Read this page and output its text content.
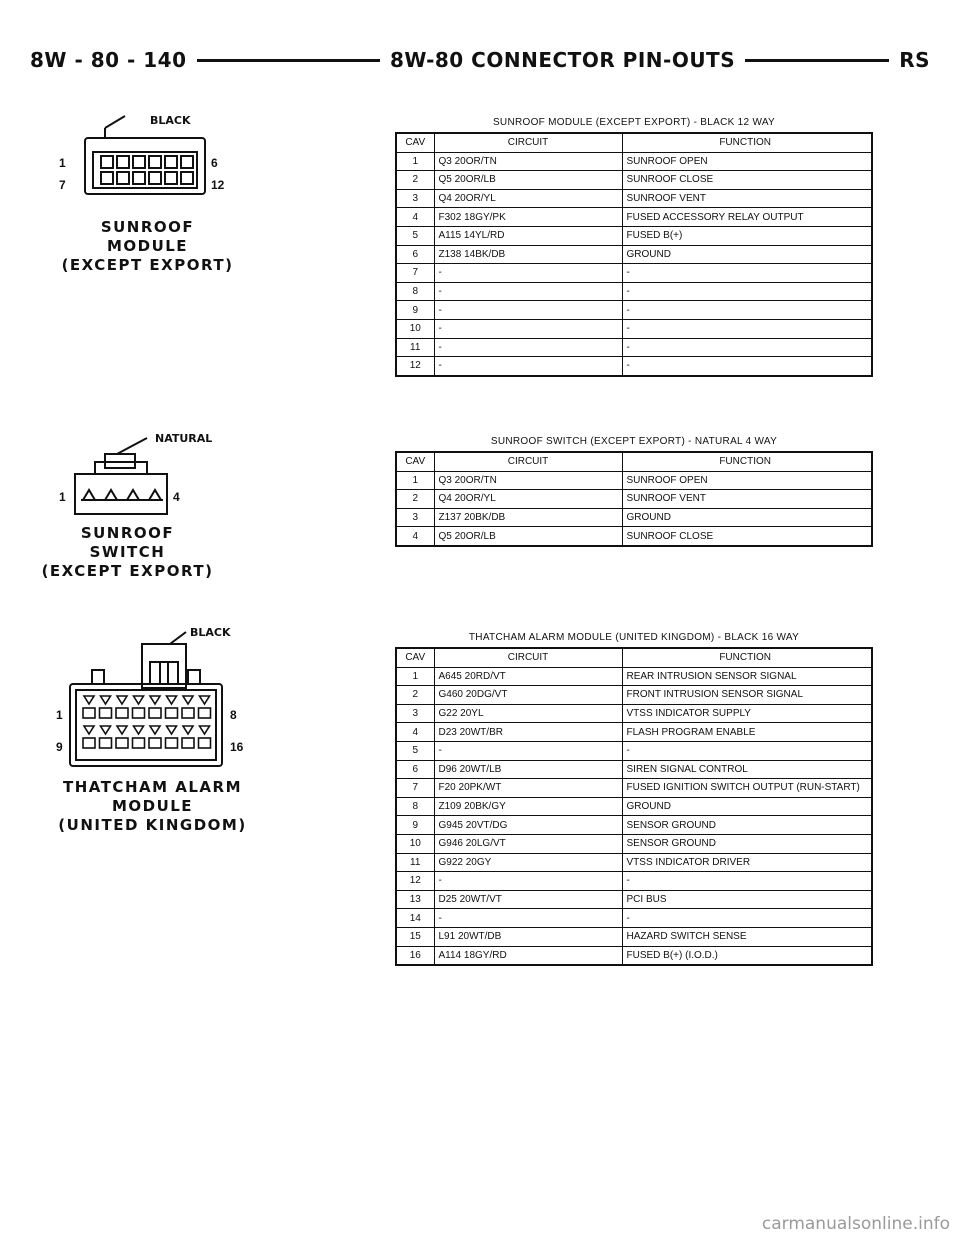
8W - 80 - 140	8W-80 CONNECTOR PIN-OUTS	RS
BLACK
1	6
7	12
SUNROOF
MODULE
(EXCEPT EXPORT)
SUNROOF MODULE (EXCEPT EXPORT) - BLACK 12 WAY
CAV	CIRCUIT	FUNCTION
1	Q3 20OR/TN	SUNROOF OPEN
2	Q5 20OR/LB	SUNROOF CLOSE
3	Q4 20OR/YL	SUNROOF VENT
4	F302 18GY/PK	FUSED ACCESSORY RELAY OUTPUT
5	A115 14YL/RD	FUSED B(+)
6	Z138 14BK/DB	GROUND
7	-	-
8	-	-
9	-	-
10	-	-
11	-	-
12	-	-
NATURAL
1	4
SUNROOF
SWITCH
(EXCEPT EXPORT)
SUNROOF SWITCH (EXCEPT EXPORT) - NATURAL 4 WAY
CAV	CIRCUIT	FUNCTION
1	Q3 20OR/TN	SUNROOF OPEN
2	Q4 20OR/YL	SUNROOF VENT
3	Z137 20BK/DB	GROUND
4	Q5 20OR/LB	SUNROOF CLOSE
BLACK
1	8
9	16
THATCHAM ALARM
MODULE
(UNITED KINGDOM)
THATCHAM ALARM MODULE (UNITED KINGDOM) - BLACK 16 WAY
CAV	CIRCUIT	FUNCTION
1	A645 20RD/VT	REAR INTRUSION SENSOR SIGNAL
2	G460 20DG/VT	FRONT INTRUSION SENSOR SIGNAL
3	G22 20YL	VTSS INDICATOR SUPPLY
4	D23 20WT/BR	FLASH PROGRAM ENABLE
5	-	-
6	D96 20WT/LB	SIREN SIGNAL CONTROL
7	F20 20PK/WT	FUSED IGNITION SWITCH OUTPUT (RUN-START)
8	Z109 20BK/GY	GROUND
9	G945 20VT/DG	SENSOR GROUND
10	G946 20LG/VT	SENSOR GROUND
11	G922 20GY	VTSS INDICATOR DRIVER
12	-	-
13	D25 20WT/VT	PCI BUS
14	-	-
15	L91 20WT/DB	HAZARD SWITCH SENSE
16	A114 18GY/RD	FUSED B(+) (I.O.D.)
carmanualsonline.info
